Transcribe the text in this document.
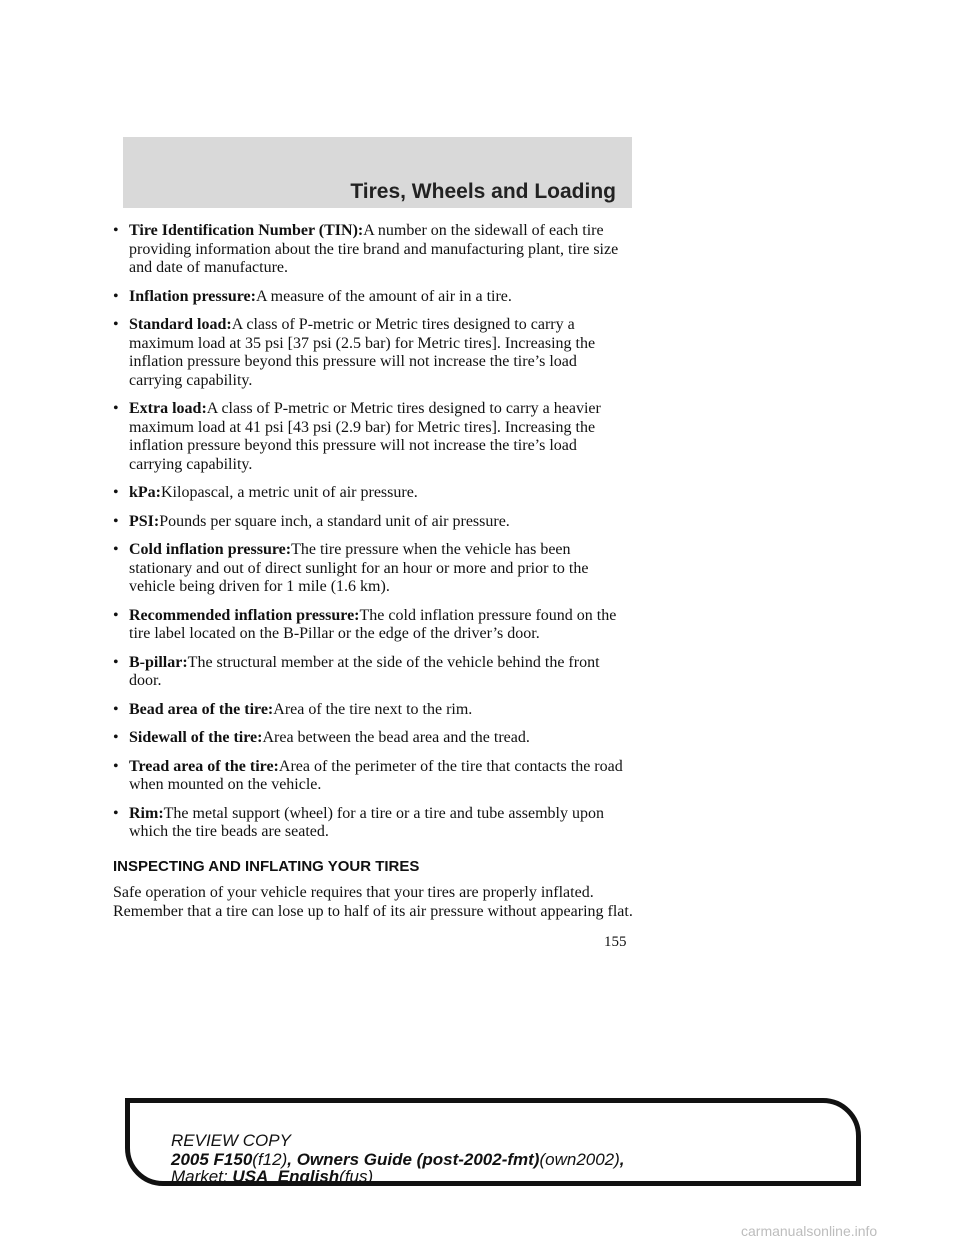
Tires, Wheels and Loading
• Tire Identification Number (TIN):A number on the sidewall of each tire providing information about the tire brand and manufacturing plant, tire size and date of manufacture.
• Inflation pressure:A measure of the amount of air in a tire.
• Standard load:A class of P-metric or Metric tires designed to carry a maximum load at 35 psi [37 psi (2.5 bar) for Metric tires]. Increasing the inflation pressure beyond this pressure will not increase the tire’s load carrying capability.
• Extra load:A class of P-metric or Metric tires designed to carry a heavier maximum load at 41 psi [43 psi (2.9 bar) for Metric tires]. Increasing the inflation pressure beyond this pressure will not increase the tire’s load carrying capability.
• kPa:Kilopascal, a metric unit of air pressure.
• PSI:Pounds per square inch, a standard unit of air pressure.
• Cold inflation pressure:The tire pressure when the vehicle has been stationary and out of direct sunlight for an hour or more and prior to the vehicle being driven for 1 mile (1.6 km).
• Recommended inflation pressure:The cold inflation pressure found on the tire label located on the B-Pillar or the edge of the driver’s door.
• B-pillar:The structural member at the side of the vehicle behind the front door.
• Bead area of the tire:Area of the tire next to the rim.
• Sidewall of the tire:Area between the bead area and the tread.
• Tread area of the tire:Area of the perimeter of the tire that contacts the road when mounted on the vehicle.
• Rim:The metal support (wheel) for a tire or a tire and tube assembly upon which the tire beads are seated.
INSPECTING AND INFLATING YOUR TIRES

Safe operation of your vehicle requires that your tires are properly inflated. Remember that a tire can lose up to half of its air pressure without appearing flat.

155
REVIEW COPY
2005 F150(f12), Owners Guide (post-2002-fmt)(own2002),
Market: USA_English(fus)
carmanualsonline.info
